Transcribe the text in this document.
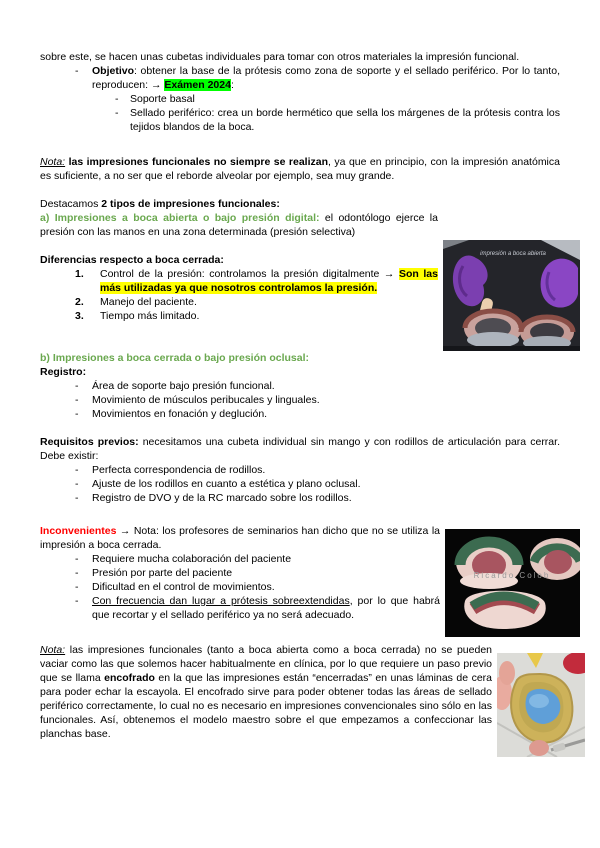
sobre este, se hacen unas cubetas individuales para tomar con otros materiales la impresión funcional.

- Objetivo: obtener la base de la prótesis como zona de soporte y el sellado periférico. Por lo tanto, reproducen: → Exámen 2024:
- Soporte basal
- Sellado periférico: crea un borde hermético que sella los márgenes de la prótesis contra los tejidos blandos de la boca.

Nota: las impresiones funcionales no siempre se realizan, ya que en principio, con la impresión anatómica es suficiente, a no ser que el reborde alveolar por ejemplo, sea muy grande.

Destacamos 2 tipos de impresiones funcionales:

a) Impresiones a boca abierta o bajo presión digital: el odontólogo ejerce la presión con las manos en una zona determinada (presión selectiva)

Diferencias respecto a boca cerrada:

Control de la presión: controlamos la presión digitalmente → Son las más utilizadas ya que nosotros controlamos la presión.
Manejo del paciente.
Tiempo más limitado.

b) Impresiones a boca cerrada o bajo presión oclusal:

Registro:

- Área de soporte bajo presión funcional.
- Movimiento de músculos peribucales y linguales.
- Movimientos en fonación y deglución.

Requisitos previos: necesitamos una cubeta individual sin mango y con rodillos de articulación para cerrar. Debe existir:

- Perfecta correspondencia de rodillos.
- Ajuste de los rodillos en cuanto a estética y plano oclusal.
- Registro de DVO y de la RC marcado sobre los rodillos.

Inconvenientes → Nota: los profesores de seminarios han dicho que no se utiliza la impresión a boca cerrada.

- Requiere mucha colaboración del paciente
- Presión por parte del paciente
- Dificultad en el control de movimientos.
- Con frecuencia dan lugar a prótesis sobreextendidas, por lo que habrá que recortar y el sellado periférico ya no será adecuado.

Nota: las impresiones funcionales (tanto a boca abierta como a boca cerrada) no se pueden vaciar como las que solemos hacer habitualmente en clínica, por lo que requiere un paso previo que se llama encofrado en la que las impresiones están “encerradas” en unas láminas de cera para poder echar la escayola. El encofrado sirve para poder obtener todas las áreas de sellado periférico correctamente, lo cual no es necesario en impresiones convencionales sino sólo en las funcionales. Así, obtenemos el modelo maestro sobre el que empezamos a confeccionar las planchas base.

impresión a boca abierta
Ricardo Colob
